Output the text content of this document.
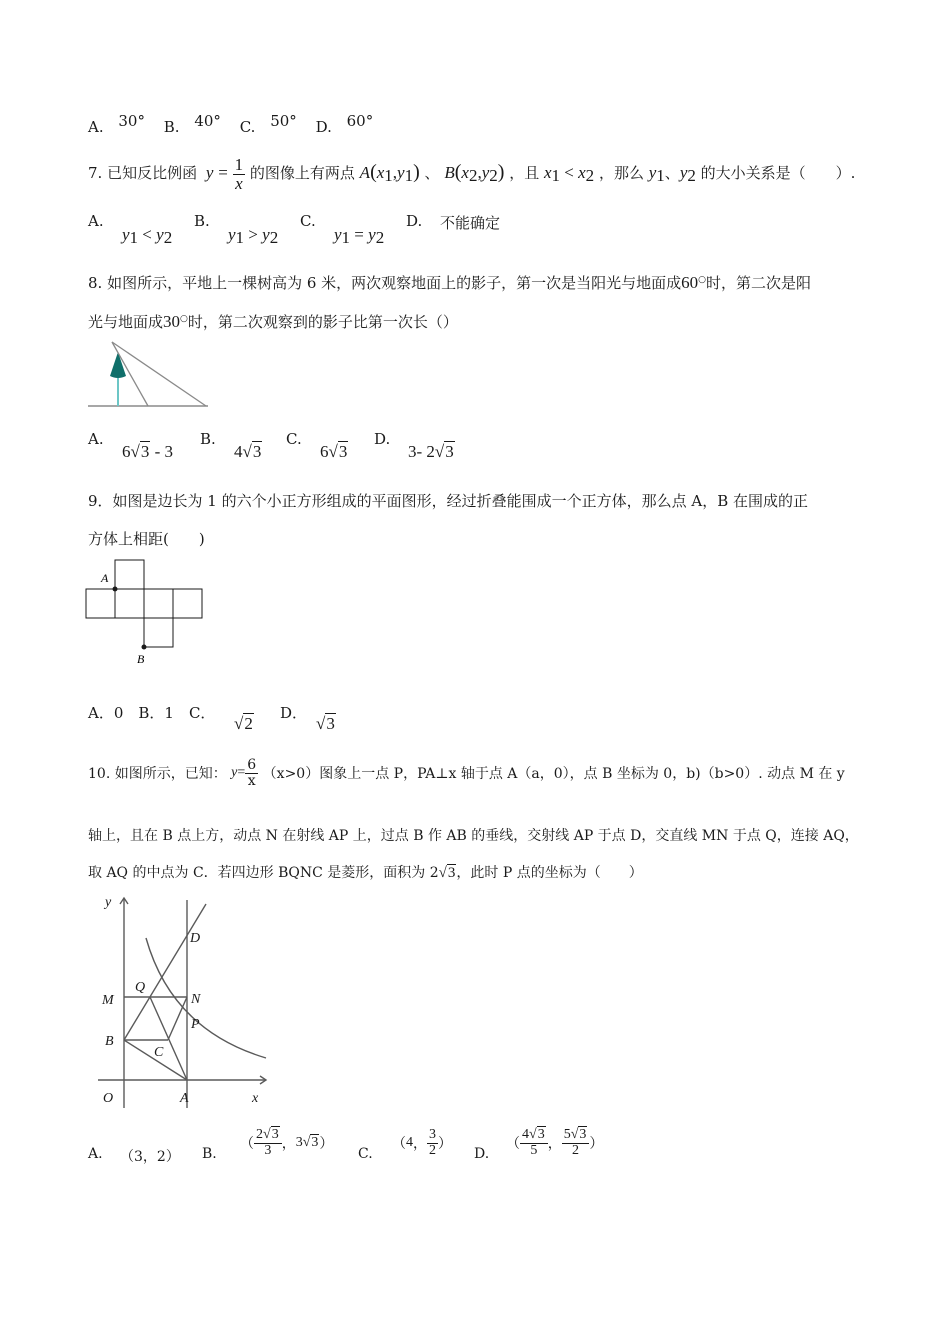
A. 30° B. 40° C. 50° D. 60°
7. 已知反比例函 $y = \frac{1}{x}$ 的图像上有两点 $A(x_1,y_1)$ 、 $B(x_2,y_2)$ ，且 $x_1 < x_2$ ，那么 $y_1$、$y_2$ 的大小关系是（　　）.
A.
$y_1 < y_2$
B.
$y_1 > y_2$
C.
$y_1 = y_2$
D. 不能确定
8. 如图所示，平地上一棵树高为 6 米，两次观察地面上的影子，第一次是当阳光与地面成60○时，第二次是阳
光与地面成30○时，第二次观察到的影子比第一次长（）
A.
6√3 - 3
B.
4√3
C.
6√3
D.
3- 2√3
9．如图是边长为 1 的六个小正方形组成的平面图形，经过折叠能围成一个正方体，那么点 A，B 在围成的正
方体上相距(　　)
A
B
A．0　B．1　C．
√2
D．
√3
10. 如图所示，已知： $y= \frac{6}{x} (x>0)$图象上一点 P，PA⊥x 轴于点 A（a，0），点 B 坐标为 0，b)（b>0）. 动点 M 在 y
轴上，且在 B 点上方，动点 N 在射线 AP 上，过点 B 作 AB 的垂线，交射线 AP 于点 D，交直线 MN 于点 Q，连接 AQ，
取 AQ 的中点为 C．若四边形 BQNC 是菱形，面积为 2√3，此时 P 点的坐标为（　　）
y
D
Q
M	N
P
B
C
O	A	x
A. （3，2） B.
（ $\frac{2√3}{3}$ ，3√3）
C.
（4， $\frac{3}{2}$ ）
D.
（ $\frac{4√3}{5}$ ， $\frac{5√3}{2}$ ）
